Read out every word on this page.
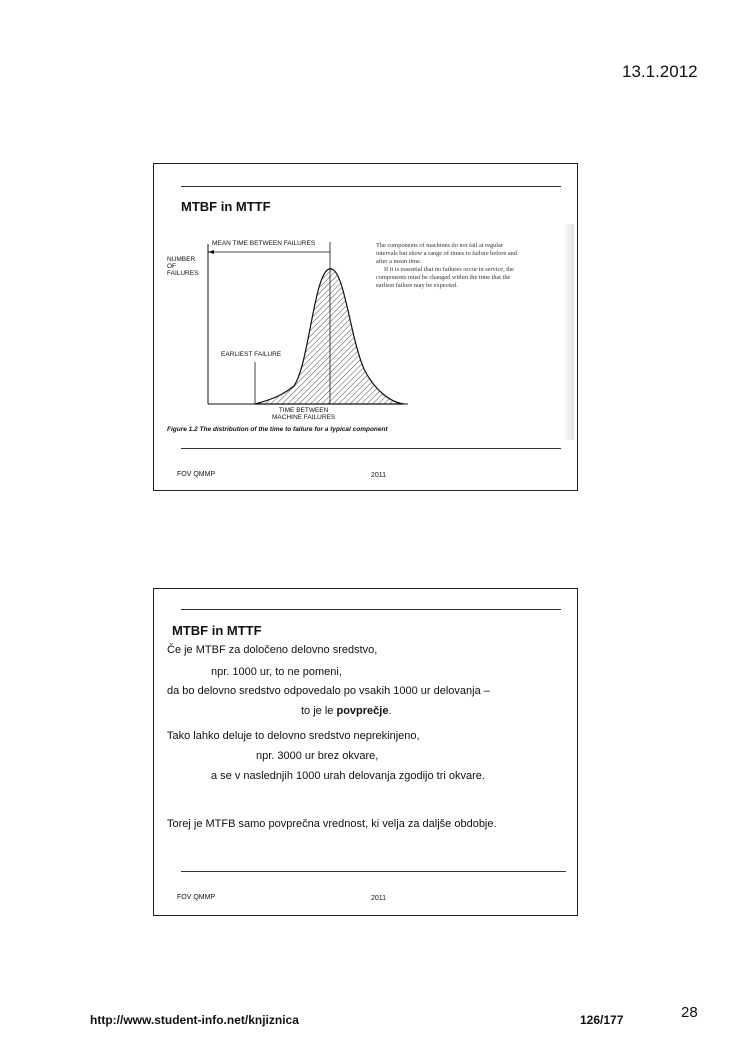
13.1.2012
MTBF in MTTF
NUMBER
OF
FAILURES
MEAN TIME BETWEEN FAILURES
EARLIEST FAILURE
TIME BETWEEN
MACHINE FAILURES
The components of machines do not fail at regular
intervals but show a range of times to failure before and
after a mean time.
If it is essential that no failures occur in service, the
components must be changed within the time that the
earliest failure may be expected.
Figure 1.2 The distribution of the time to failure for a typical component
FOV QMMP	2011
MTBF in MTTF
Če je MTBF za določeno delovno sredstvo,
npr. 1000 ur, to ne pomeni,
da bo delovno sredstvo odpovedalo po vsakih 1000 ur delovanja –
to je le povprečje.
Tako lahko deluje to delovno sredstvo neprekinjeno,
npr. 3000 ur brez okvare,
a se v naslednjih 1000 urah delovanja zgodijo tri okvare.
Torej je MTFB samo povprečna vrednost, ki velja za daljše obdobje.
FOV QMMP	2011
http://www.student-info.net/knjiznica	126/177	28
